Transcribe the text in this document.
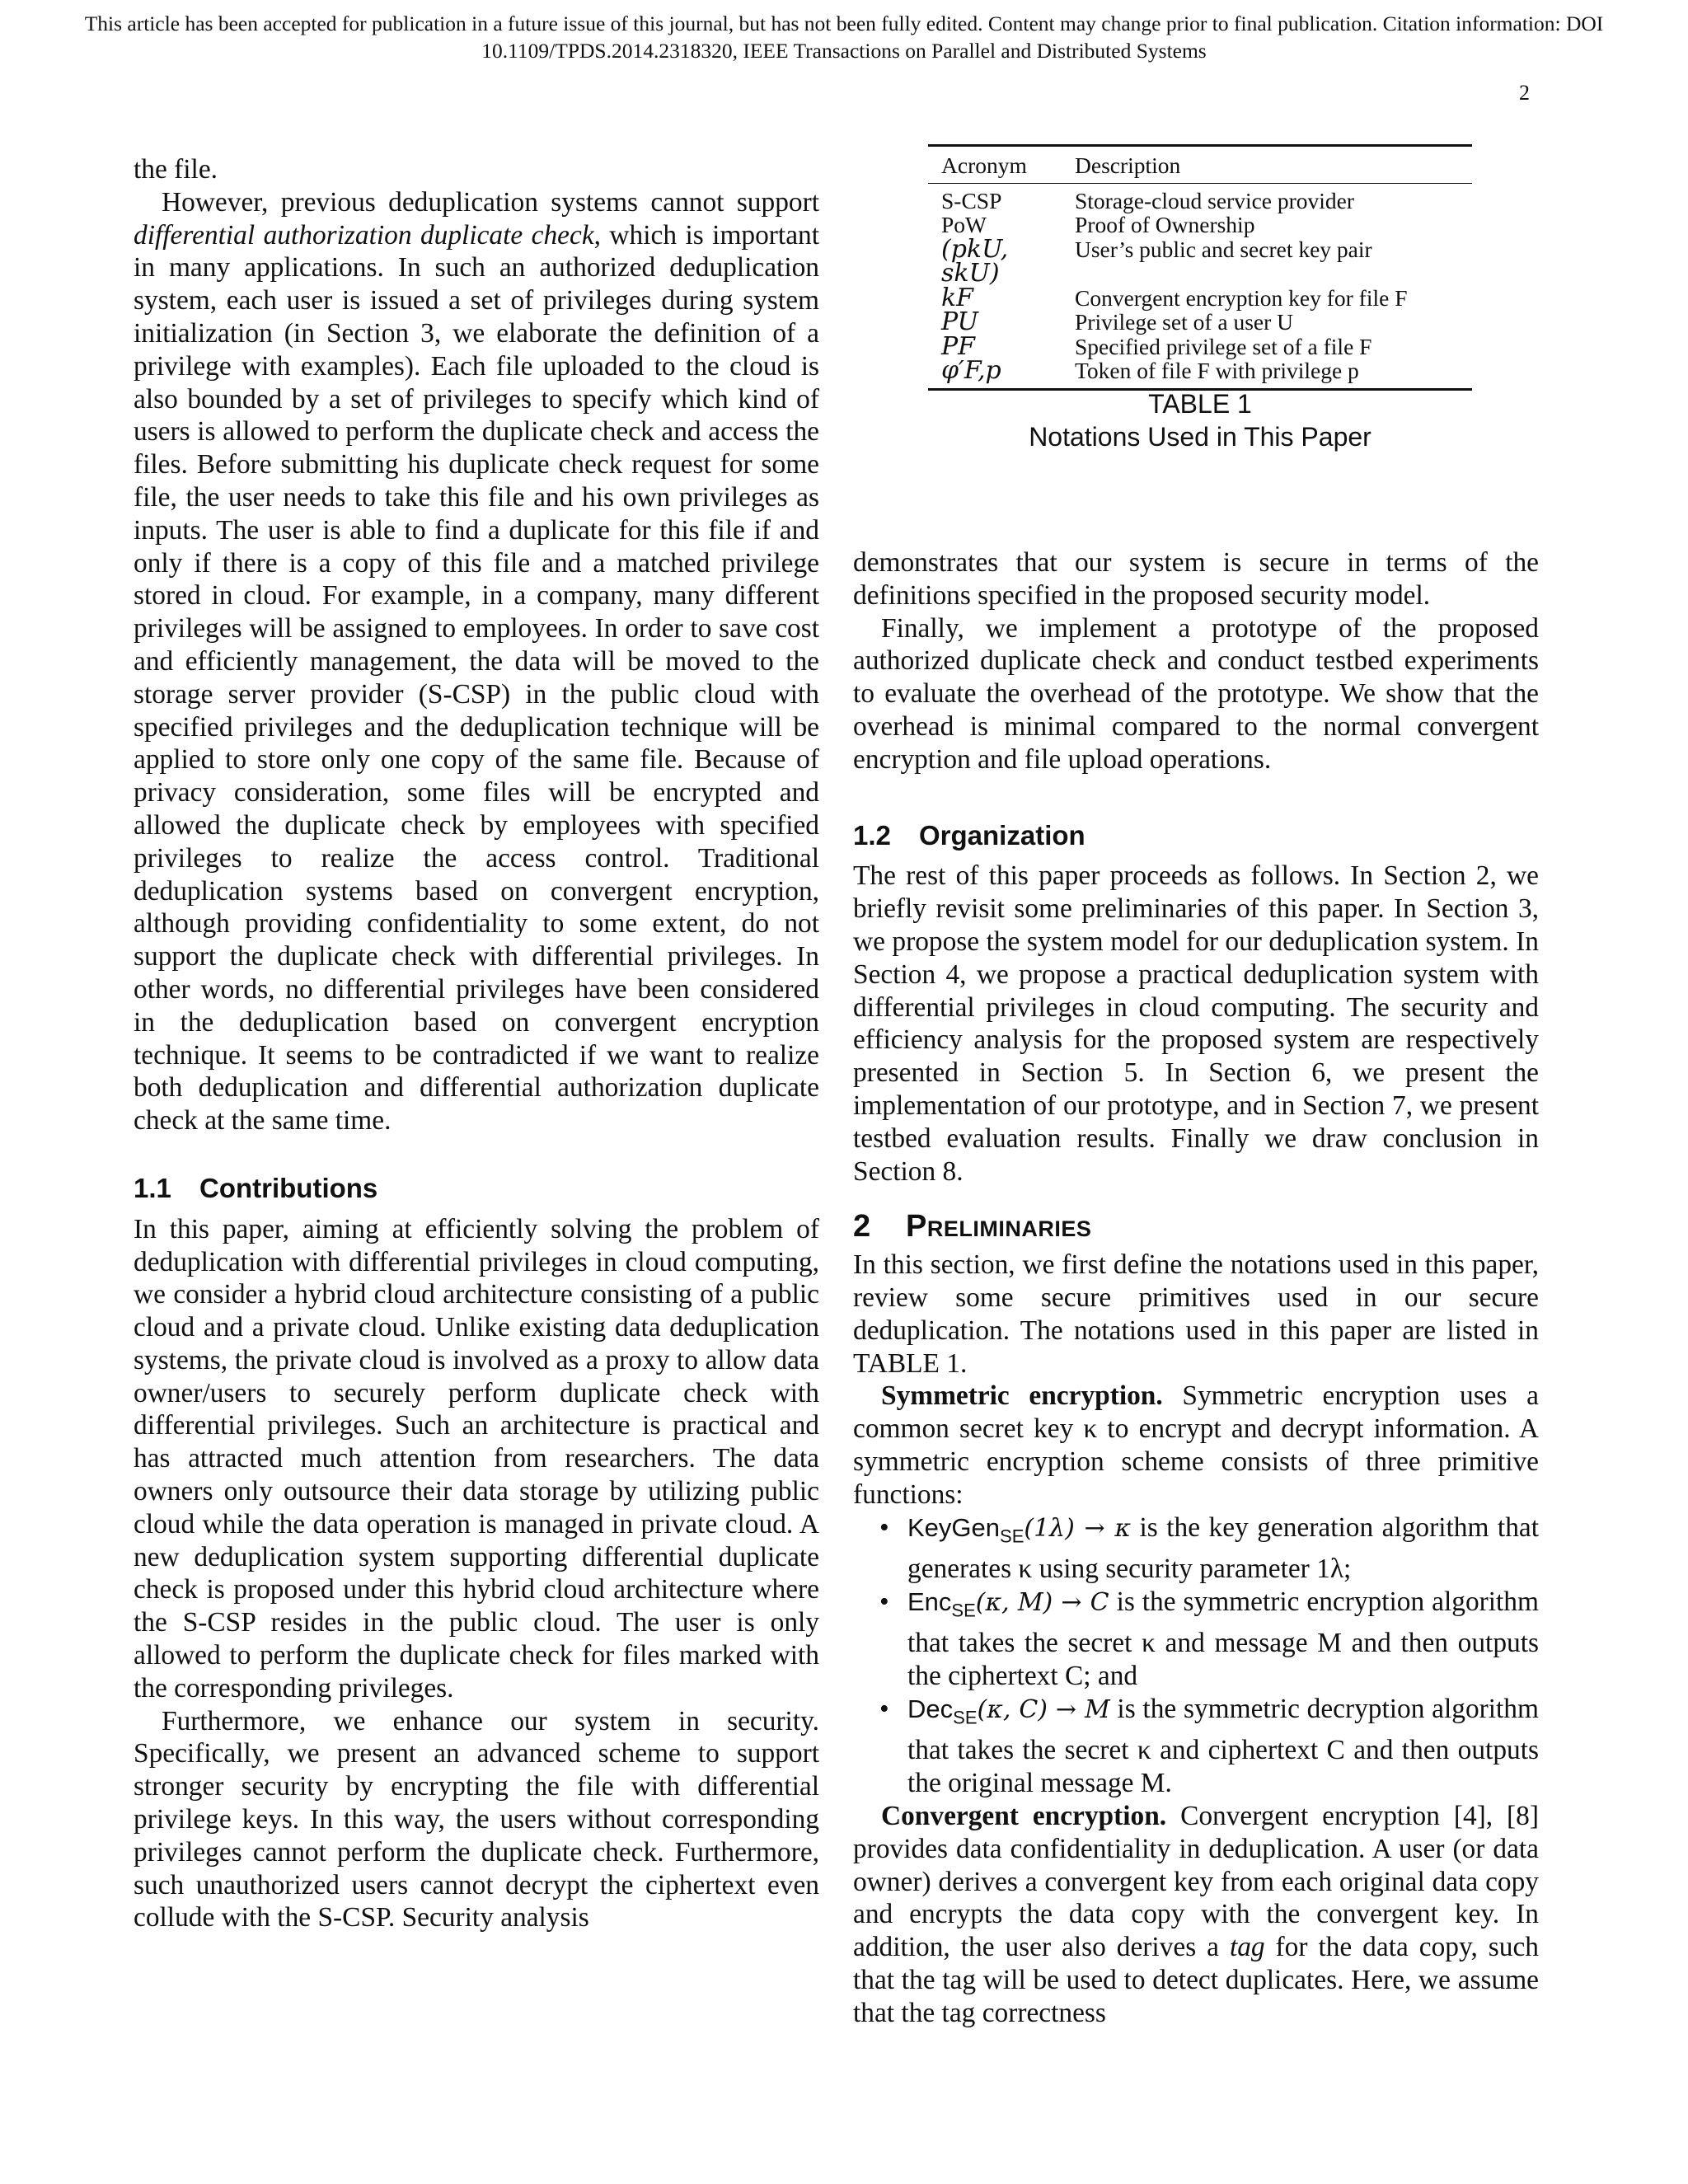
This article has been accepted for publication in a future issue of this journal, but has not been fully edited. Content may change prior to final publication. Citation information: DOI
10.1109/TPDS.2014.2318320, IEEE Transactions on Parallel and Distributed Systems
2

the file.

However, previous deduplication systems cannot support differential authorization duplicate check, which is important in many applications. In such an authorized deduplication system, each user is issued a set of privileges during system initialization (in Section 3, we elaborate the definition of a privilege with examples). Each file uploaded to the cloud is also bounded by a set of privileges to specify which kind of users is allowed to perform the duplicate check and access the files. Before submitting his duplicate check request for some file, the user needs to take this file and his own privileges as inputs. The user is able to find a duplicate for this file if and only if there is a copy of this file and a matched privilege stored in cloud. For example, in a company, many different privileges will be assigned to employees. In order to save cost and efficiently management, the data will be moved to the storage server provider (S-CSP) in the public cloud with specified privileges and the deduplication technique will be applied to store only one copy of the same file. Because of privacy consideration, some files will be encrypted and allowed the duplicate check by employees with specified privileges to realize the access control. Traditional deduplication systems based on convergent encryption, although providing confidentiality to some extent, do not support the duplicate check with differential privileges. In other words, no differential privileges have been considered in the deduplication based on convergent encryption technique. It seems to be contradicted if we want to realize both deduplication and differential authorization duplicate check at the same time.

1.1 Contributions

In this paper, aiming at efficiently solving the problem of deduplication with differential privileges in cloud computing, we consider a hybrid cloud architecture consisting of a public cloud and a private cloud. Unlike existing data deduplication systems, the private cloud is involved as a proxy to allow data owner/users to securely perform duplicate check with differential privileges. Such an architecture is practical and has attracted much attention from researchers. The data owners only outsource their data storage by utilizing public cloud while the data operation is managed in private cloud. A new deduplication system supporting differential duplicate check is proposed under this hybrid cloud architecture where the S-CSP resides in the public cloud. The user is only allowed to perform the duplicate check for files marked with the corresponding privileges.

Furthermore, we enhance our system in security. Specifically, we present an advanced scheme to support stronger security by encrypting the file with differential privilege keys. In this way, the users without corresponding privileges cannot perform the duplicate check. Furthermore, such unauthorized users cannot decrypt the ciphertext even collude with the S-CSP. Security analysis

Acronym	Description
S-CSP	Storage-cloud service provider
PoW	Proof of Ownership
(pkU, skU)	User’s public and secret key pair
kF	Convergent encryption key for file F
PU	Privilege set of a user U
PF	Specified privilege set of a file F
φ′F,p	Token of file F with privilege p
TABLE 1
Notations Used in This Paper

demonstrates that our system is secure in terms of the definitions specified in the proposed security model.

Finally, we implement a prototype of the proposed authorized duplicate check and conduct testbed experiments to evaluate the overhead of the prototype. We show that the overhead is minimal compared to the normal convergent encryption and file upload operations.

1.2 Organization

The rest of this paper proceeds as follows. In Section 2, we briefly revisit some preliminaries of this paper. In Section 3, we propose the system model for our deduplication system. In Section 4, we propose a practical deduplication system with differential privileges in cloud computing. The security and efficiency analysis for the proposed system are respectively presented in Section 5. In Section 6, we present the implementation of our prototype, and in Section 7, we present testbed evaluation results. Finally we draw conclusion in Section 8.

2 Preliminaries

In this section, we first define the notations used in this paper, review some secure primitives used in our secure deduplication. The notations used in this paper are listed in TABLE 1.

Symmetric encryption. Symmetric encryption uses a common secret key κ to encrypt and decrypt information. A symmetric encryption scheme consists of three primitive functions:

• KeyGen$_{SE}$(1λ) → κ is the key generation algorithm that generates κ using security parameter 1λ;
• Enc$_{SE}$(κ, M) → C is the symmetric encryption algorithm that takes the secret κ and message M and then outputs the ciphertext C; and
• Dec$_{SE}$(κ, C) → M is the symmetric decryption algorithm that takes the secret κ and ciphertext C and then outputs the original message M.

Convergent encryption. Convergent encryption [4], [8] provides data confidentiality in deduplication. A user (or data owner) derives a convergent key from each original data copy and encrypts the data copy with the convergent key. In addition, the user also derives a tag for the data copy, such that the tag will be used to detect duplicates. Here, we assume that the tag correctness
